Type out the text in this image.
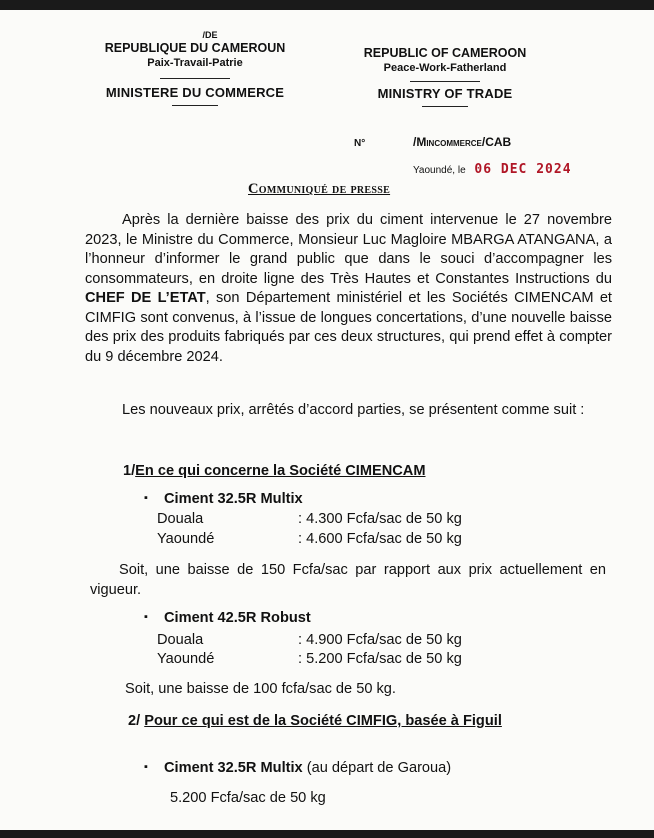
/DE
REPUBLIQUE DU CAMEROUN
Paix-Travail-Patrie
MINISTERE DU COMMERCE
REPUBLIC OF CAMEROON
Peace-Work-Fatherland
MINISTRY OF TRADE
N°	/Mincommerce/CAB
Yaoundé, le 06 DEC 2024
Communiqué de presse
Après la dernière baisse des prix du ciment intervenue le 27 novembre 2023, le Ministre du Commerce, Monsieur Luc Magloire MBARGA ATANGANA, a l’honneur d’informer le grand public que dans le souci d’accompagner les consommateurs, en droite ligne des Très Hautes et Constantes Instructions du CHEF DE L’ETAT, son Département ministériel et les Sociétés CIMENCAM et CIMFIG sont convenus, à l’issue de longues concertations, d’une nouvelle baisse des prix des produits fabriqués par ces deux structures, qui prend effet à compter du 9 décembre 2024.
Les nouveaux prix, arrêtés d’accord parties, se présentent comme suit :
1/En ce qui concerne la Société CIMENCAM
▪ Ciment 32.5R Multix
Douala	: 4.300 Fcfa/sac de 50 kg
Yaoundé	: 4.600 Fcfa/sac de 50 kg
Soit, une baisse de 150 Fcfa/sac par rapport aux prix actuellement en vigueur.
▪ Ciment 42.5R Robust
Douala	: 4.900 Fcfa/sac de 50 kg
Yaoundé	: 5.200 Fcfa/sac de 50 kg
Soit, une baisse de 100 fcfa/sac de 50 kg.
2/ Pour ce qui est de la Société CIMFIG, basée à Figuil
▪ Ciment 32.5R Multix (au départ de Garoua)
5.200 Fcfa/sac de 50 kg
